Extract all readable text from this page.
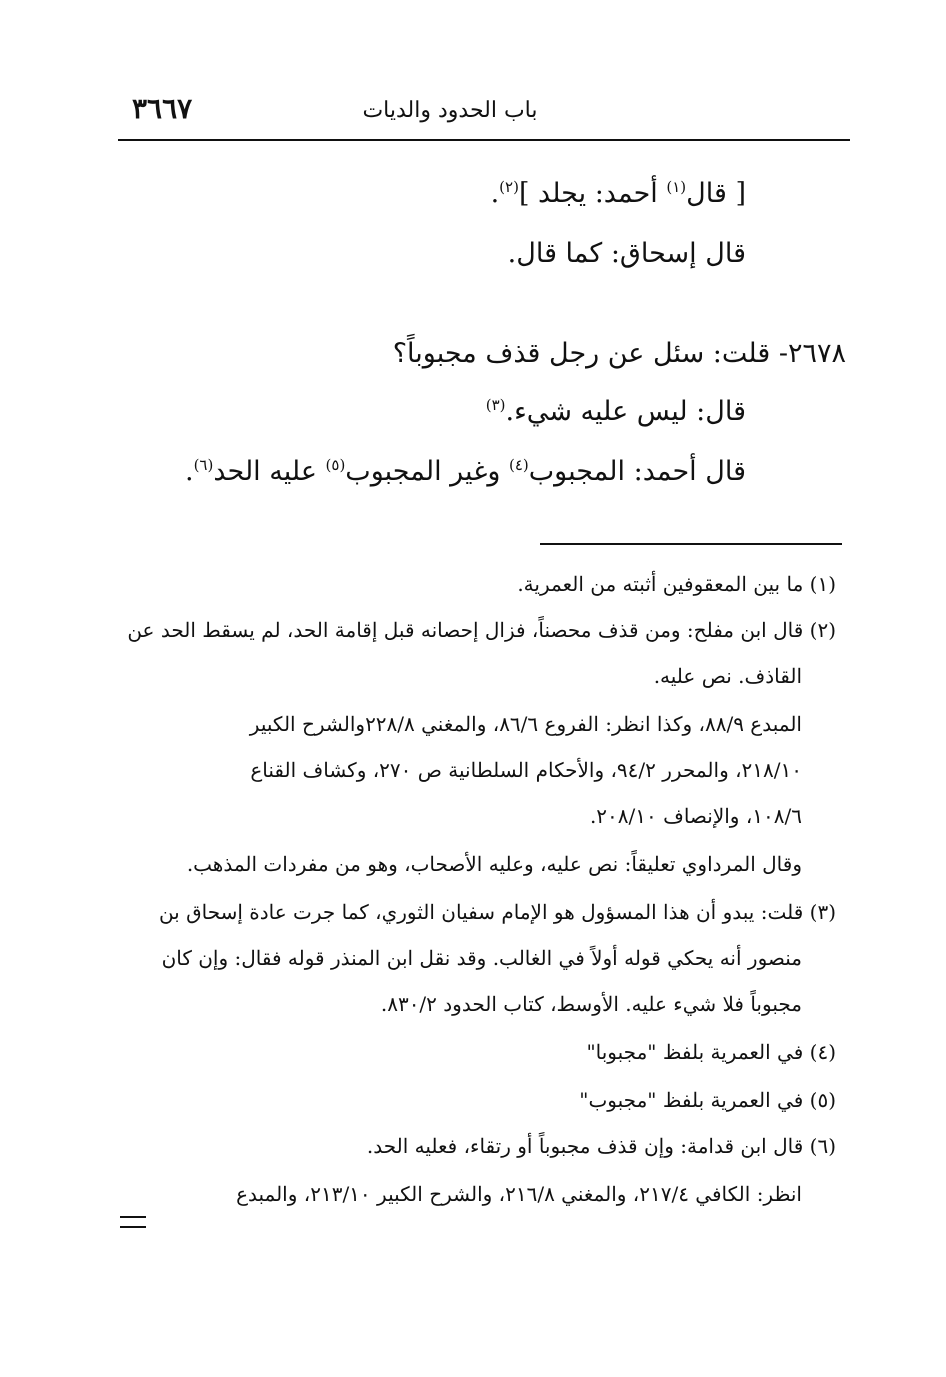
٣٦٦٧	باب الحدود والديات
[ قال$^{(١)}$ أحمد: يجلد ]$^{(٢)}$.
قال إسحاق: كما قال.
٢٦٧٨- قلت: سئل عن رجل قذف مجبوباً؟
قال: ليس عليه شيء.$^{(٣)}$
قال أحمد: المجبوب$^{(٤)}$ وغير المجبوب$^{(٥)}$ عليه الحد$^{(٦)}$.
(١) ما بين المعقوفين أثبته من العمرية.
(٢) قال ابن مفلح: ومن قذف محصناً، فزال إحصانه قبل إقامة الحد، لم يسقط الحد عن
القاذف. نص عليه.
المبدع ٨٨/٩، وكذا انظر: الفروع ٨٦/٦، والمغني ٢٢٨/٨والشرح الكبير
٢١٨/١٠، والمحرر ٩٤/٢، والأحكام السلطانية ص ٢٧٠، وكشاف القناع
١٠٨/٦، والإنصاف ٢٠٨/١٠.
وقال المرداوي تعليقاً: نص عليه، وعليه الأصحاب، وهو من مفردات المذهب.
(٣) قلت: يبدو أن هذا المسؤول هو الإمام سفيان الثوري، كما جرت عادة إسحاق بن
منصور أنه يحكي قوله أولاً في الغالب. وقد نقل ابن المنذر قوله فقال: وإن كان
مجبوباً فلا شيء عليه. الأوسط، كتاب الحدود ٨٣٠/٢.
(٤) في العمرية بلفظ "مجبوبا"
(٥) في العمرية بلفظ "مجبوب"
(٦) قال ابن قدامة: وإن قذف مجبوباً أو رتقاء، فعليه الحد.
انظر: الكافي ٢١٧/٤، والمغني ٢١٦/٨، والشرح الكبير ٢١٣/١٠، والمبدع
